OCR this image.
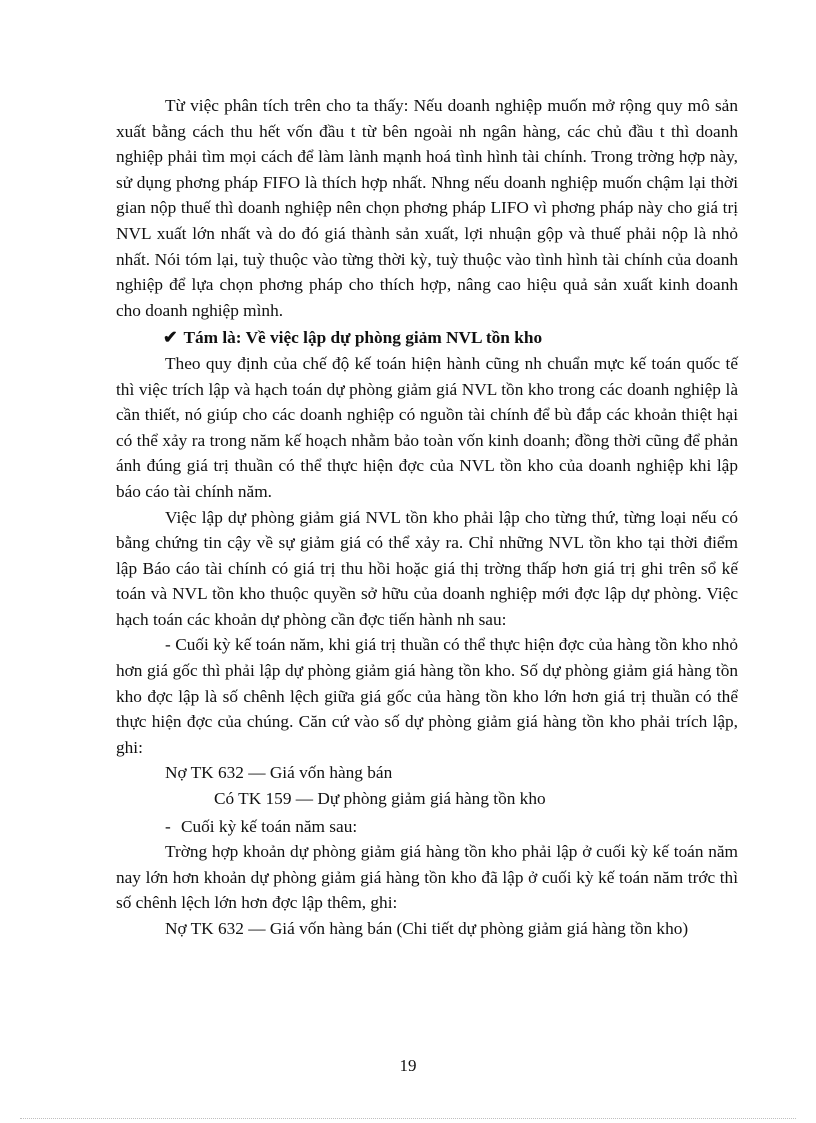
Từ việc phân tích trên cho ta thấy: Nếu doanh nghiệp muốn mở rộng quy mô sản xuất bằng cách thu hết vốn đầu t từ bên ngoài nh ngân hàng, các chủ đầu t thì doanh nghiệp phải tìm mọi cách để làm lành mạnh hoá tình hình tài chính. Trong trờng hợp này, sử dụng phơng pháp FIFO là thích hợp nhất. Nhng nếu doanh nghiệp muốn chậm lại thời gian nộp thuế thì doanh nghiệp nên chọn phơng pháp LIFO vì phơng pháp này cho giá trị NVL xuất lớn nhất và do đó giá thành sản xuất, lợi nhuận gộp và thuế phải nộp là nhỏ nhất. Nói tóm lại, tuỳ thuộc vào từng thời kỳ, tuỳ thuộc vào tình hình tài chính của doanh nghiệp để lựa chọn phơng pháp cho thích hợp, nâng cao hiệu quả sản xuất kinh doanh cho doanh nghiệp mình.

✔ Tám là: Về việc lập dự phòng giảm NVL tồn kho

Theo quy định của chế độ kế toán hiện hành cũng nh chuẩn mực kế toán quốc tế thì việc trích lập và hạch toán dự phòng giảm giá NVL tồn kho trong các doanh nghiệp là cần thiết, nó giúp cho các doanh nghiệp có nguồn tài chính để bù đắp các khoản thiệt hại có thể xảy ra trong năm kế hoạch nhằm bảo toàn vốn kinh doanh; đồng thời cũng để phản ánh đúng giá trị thuần có thể thực hiện đợc của NVL tồn kho của doanh nghiệp khi lập báo cáo tài chính năm.

Việc lập dự phòng giảm giá NVL tồn kho phải lập cho từng thứ, từng loại nếu có bằng chứng tin cậy về sự giảm giá có thể xảy ra. Chỉ những NVL tồn kho tại thời điểm lập Báo cáo tài chính có giá trị thu hồi hoặc giá thị trờng thấp hơn giá trị ghi trên sổ kế toán và NVL tồn kho thuộc quyền sở hữu của doanh nghiệp mới đợc lập dự phòng. Việc hạch toán các khoản dự phòng cần đợc tiến hành nh sau:

- Cuối kỳ kế toán năm, khi giá trị thuần có thể thực hiện đợc của hàng tồn kho nhỏ hơn giá gốc thì phải lập dự phòng giảm giá hàng tồn kho. Số dự phòng giảm giá hàng tồn kho đợc lập là số chênh lệch giữa giá gốc của hàng tồn kho lớn hơn giá trị thuần có thể thực hiện đợc của chúng. Căn cứ vào số dự phòng giảm giá hàng tồn kho phải trích lập, ghi:

Nợ TK 632 — Giá vốn hàng bán

Có TK 159 — Dự phòng giảm giá hàng tồn kho

- Cuối kỳ kế toán năm sau:

Trờng hợp khoản dự phòng giảm giá hàng tồn kho phải lập ở cuối kỳ kế toán năm nay lớn hơn khoản dự phòng giảm giá hàng tồn kho đã lập ở cuối kỳ kế toán năm trớc thì số chênh lệch lớn hơn đợc lập thêm, ghi:

Nợ TK 632 — Giá vốn hàng bán (Chi tiết dự phòng giảm giá hàng tồn kho)

19
